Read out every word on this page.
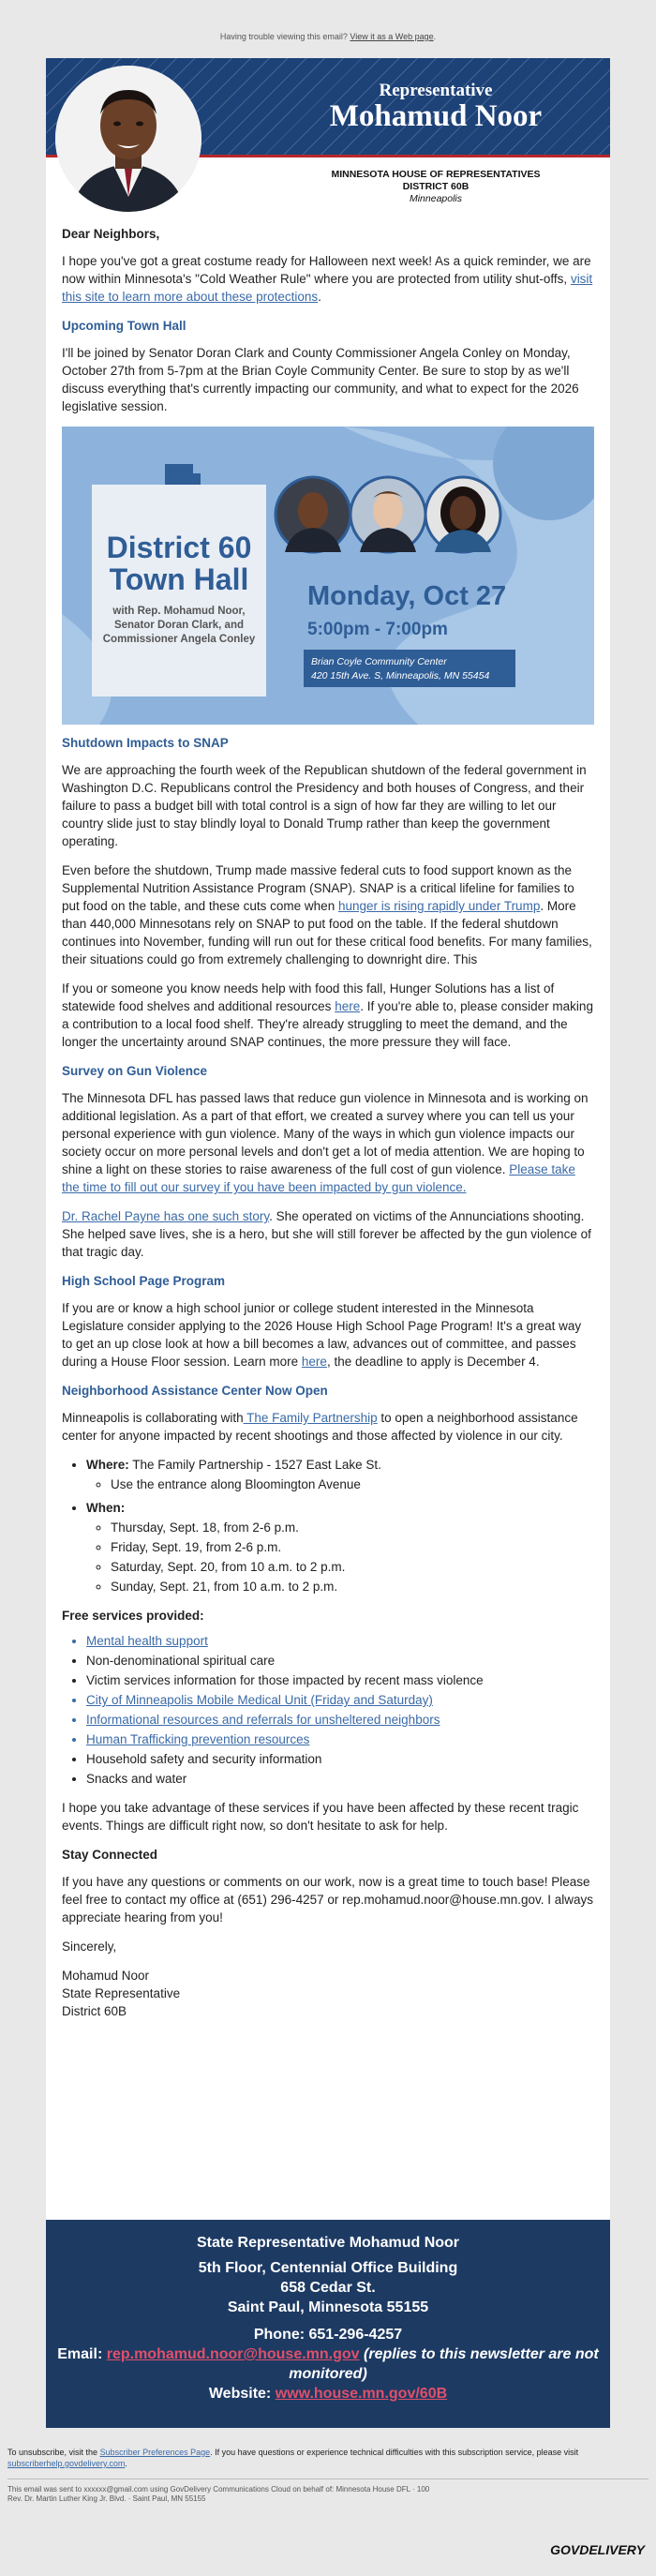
Having trouble viewing this email? View it as a Web page.
Representative
Mohamud Noor
MINNESOTA HOUSE OF REPRESENTATIVES
DISTRICT 60B
Minneapolis
Dear Neighbors,

I hope you've got a great costume ready for Halloween next week! As a quick reminder, we are now within Minnesota's "Cold Weather Rule" where you are protected from utility shut-offs, visit this site to learn more about these protections.

Upcoming Town Hall

I'll be joined by Senator Doran Clark and County Commissioner Angela Conley on Monday, October 27th from 5-7pm at the Brian Coyle Community Center. Be sure to stop by as we'll discuss everything that's currently impacting our community, and what to expect for the 2026 legislative session.

District 60
Town Hall
with Rep. Mohamud Noor,
Senator Doran Clark, and
Commissioner Angela Conley
Monday, Oct 27
5:00pm - 7:00pm
Brian Coyle Community Center
420 15th Ave. S, Minneapolis, MN 55454
Shutdown Impacts to SNAP

We are approaching the fourth week of the Republican shutdown of the federal government in Washington D.C. Republicans control the Presidency and both houses of Congress, and their failure to pass a budget bill with total control is a sign of how far they are willing to let our country slide just to stay blindly loyal to Donald Trump rather than keep the government operating.

Even before the shutdown, Trump made massive federal cuts to food support known as the Supplemental Nutrition Assistance Program (SNAP). SNAP is a critical lifeline for families to put food on the table, and these cuts come when hunger is rising rapidly under Trump. More than 440,000 Minnesotans rely on SNAP to put food on the table. If the federal shutdown continues into November, funding will run out for these critical food benefits. For many families, their situations could go from extremely challenging to downright dire. This

If you or someone you know needs help with food this fall, Hunger Solutions has a list of statewide food shelves and additional resources here. If you're able to, please consider making a contribution to a local food shelf. They're already struggling to meet the demand, and the longer the uncertainty around SNAP continues, the more pressure they will face.

Survey on Gun Violence

The Minnesota DFL has passed laws that reduce gun violence in Minnesota and is working on additional legislation. As a part of that effort, we created a survey where you can tell us your personal experience with gun violence. Many of the ways in which gun violence impacts our society occur on more personal levels and don't get a lot of media attention. We are hoping to shine a light on these stories to raise awareness of the full cost of gun violence. Please take the time to fill out our survey if you have been impacted by gun violence.

Dr. Rachel Payne has one such story. She operated on victims of the Annunciations shooting. She helped save lives, she is a hero, but she will still forever be affected by the gun violence of that tragic day.

High School Page Program

If you are or know a high school junior or college student interested in the Minnesota Legislature consider applying to the 2026 House High School Page Program! It's a great way to get an up close look at how a bill becomes a law, advances out of committee, and passes during a House Floor session. Learn more here, the deadline to apply is December 4.

Neighborhood Assistance Center Now Open

Minneapolis is collaborating with The Family Partnership to open a neighborhood assistance center for anyone impacted by recent shootings and those affected by violence in our city.

• Where: The Family Partnership - 1527 East Lake St.
◦ Use the entrance along Bloomington Avenue
• When:
◦ Thursday, Sept. 18, from 2-6 p.m.
◦ Friday, Sept. 19, from 2-6 p.m.
◦ Saturday, Sept. 20, from 10 a.m. to 2 p.m.
◦ Sunday, Sept. 21, from 10 a.m. to 2 p.m.

Free services provided:

• Mental health support
• Non-denominational spiritual care
• Victim services information for those impacted by recent mass violence
• City of Minneapolis Mobile Medical Unit (Friday and Saturday)
• Informational resources and referrals for unsheltered neighbors
• Human Trafficking prevention resources
• Household safety and security information
• Snacks and water

I hope you take advantage of these services if you have been affected by these recent tragic events. Things are difficult right now, so don't hesitate to ask for help.

Stay Connected

If you have any questions or comments on our work, now is a great time to touch base! Please feel free to contact my office at (651) 296-4257 or rep.mohamud.noor@house.mn.gov. I always appreciate hearing from you!

Sincerely,

Mohamud Noor
State Representative
District 60B

State Representative Mohamud Noor
5th Floor, Centennial Office Building
658 Cedar St.
Saint Paul, Minnesota 55155
Phone: 651-296-4257
Email: rep.mohamud.noor@house.mn.gov (replies to this newsletter are not monitored)
Website: www.house.mn.gov/60B
To unsubscribe, visit the Subscriber Preferences Page. If you have questions or experience technical difficulties with this subscription service, please visit subscriberhelp.govdelivery.com.
This email was sent to xxxxxx@gmail.com using GovDelivery Communications Cloud on behalf of: Minnesota House DFL · 100
Rev. Dr. Martin Luther King Jr. Blvd. · Saint Paul, MN 55155
GOVDELIVERY
